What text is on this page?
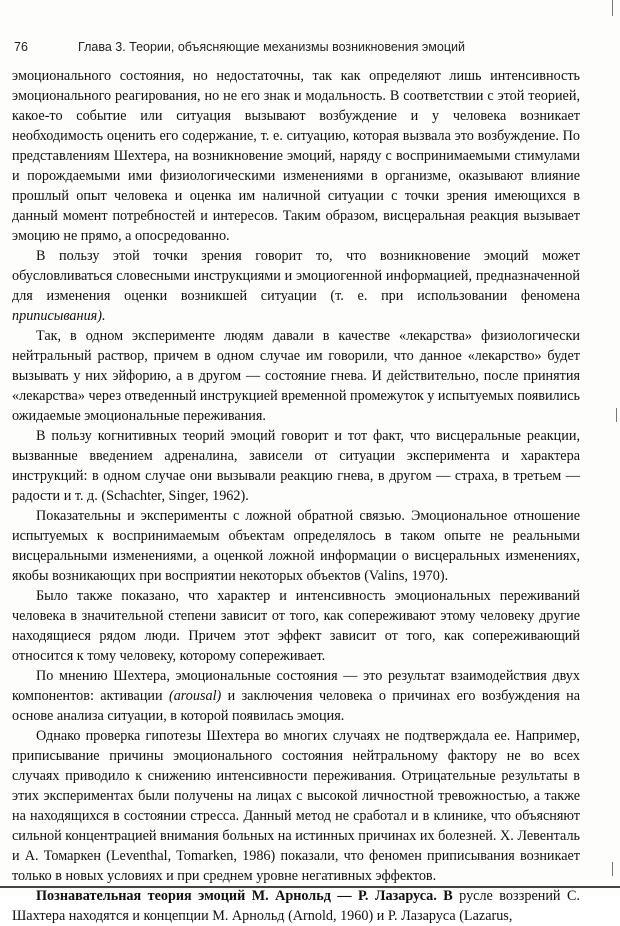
76	Глава 3. Теории, объясняющие механизмы возникновения эмоций

эмоционального состояния, но недостаточны, так как определяют лишь интенсивность эмоционального реагирования, но не его знак и модальность. В соответствии с этой теорией, какое-то событие или ситуация вызывают возбуждение и у человека возникает необходимость оценить его содержание, т. е. ситуацию, которая вызвала это возбуждение. По представлениям Шехтера, на возникновение эмоций, наряду с воспринимаемыми стимулами и порождаемыми ими физиологическими изменениями в организме, оказывают влияние прошлый опыт человека и оценка им наличной ситуации с точки зрения имеющихся в данный момент потребностей и интересов. Таким образом, висцеральная реакция вызывает эмоцию не прямо, а опосредованно.

В пользу этой точки зрения говорит то, что возникновение эмоций может обусловливаться словесными инструкциями и эмоциогенной информацией, предназначенной для изменения оценки возникшей ситуации (т. е. при использовании феномена приписывания).

Так, в одном эксперименте людям давали в качестве «лекарства» физиологически нейтральный раствор, причем в одном случае им говорили, что данное «лекарство» будет вызывать у них эйфорию, а в другом — состояние гнева. И действительно, после принятия «лекарства» через отведенный инструкцией временной промежуток у испытуемых появились ожидаемые эмоциональные переживания.

В пользу когнитивных теорий эмоций говорит и тот факт, что висцеральные реакции, вызванные введением адреналина, зависели от ситуации эксперимента и характера инструкций: в одном случае они вызывали реакцию гнева, в другом — страха, в третьем — радости и т. д. (Schachter, Singer, 1962).

Показательны и эксперименты с ложной обратной связью. Эмоциональное отношение испытуемых к воспринимаемым объектам определялось в таком опыте не реальными висцеральными изменениями, а оценкой ложной информации о висцеральных изменениях, якобы возникающих при восприятии некоторых объектов (Valins, 1970).

Было также показано, что характер и интенсивность эмоциональных переживаний человека в значительной степени зависит от того, как сопереживают этому человеку другие находящиеся рядом люди. Причем этот эффект зависит от того, как сопереживающий относится к тому человеку, которому сопереживает.

По мнению Шехтера, эмоциональные состояния — это результат взаимодействия двух компонентов: активации (arousal) и заключения человека о причинах его возбуждения на основе анализа ситуации, в которой появилась эмоция.

Однако проверка гипотезы Шехтера во многих случаях не подтверждала ее. Например, приписывание причины эмоционального состояния нейтральному фактору не во всех случаях приводило к снижению интенсивности переживания. Отрицательные результаты в этих экспериментах были получены на лицах с высокой личностной тревожностью, а также на находящихся в состоянии стресса. Данный метод не сработал и в клинике, что объясняют сильной концентрацией внимания больных на истинных причинах их болезней. Х. Левенталь и А. Томаркен (Leventhal, Tomarken, 1986) показали, что феномен приписывания возникает только в новых условиях и при среднем уровне негативных эффектов.

Познавательная теория эмоций М. Арнольд — Р. Лазаруса. В русле воззрений С. Шахтера находятся и концепции М. Арнольд (Arnold, 1960) и Р. Лазаруса (Lazarus,
